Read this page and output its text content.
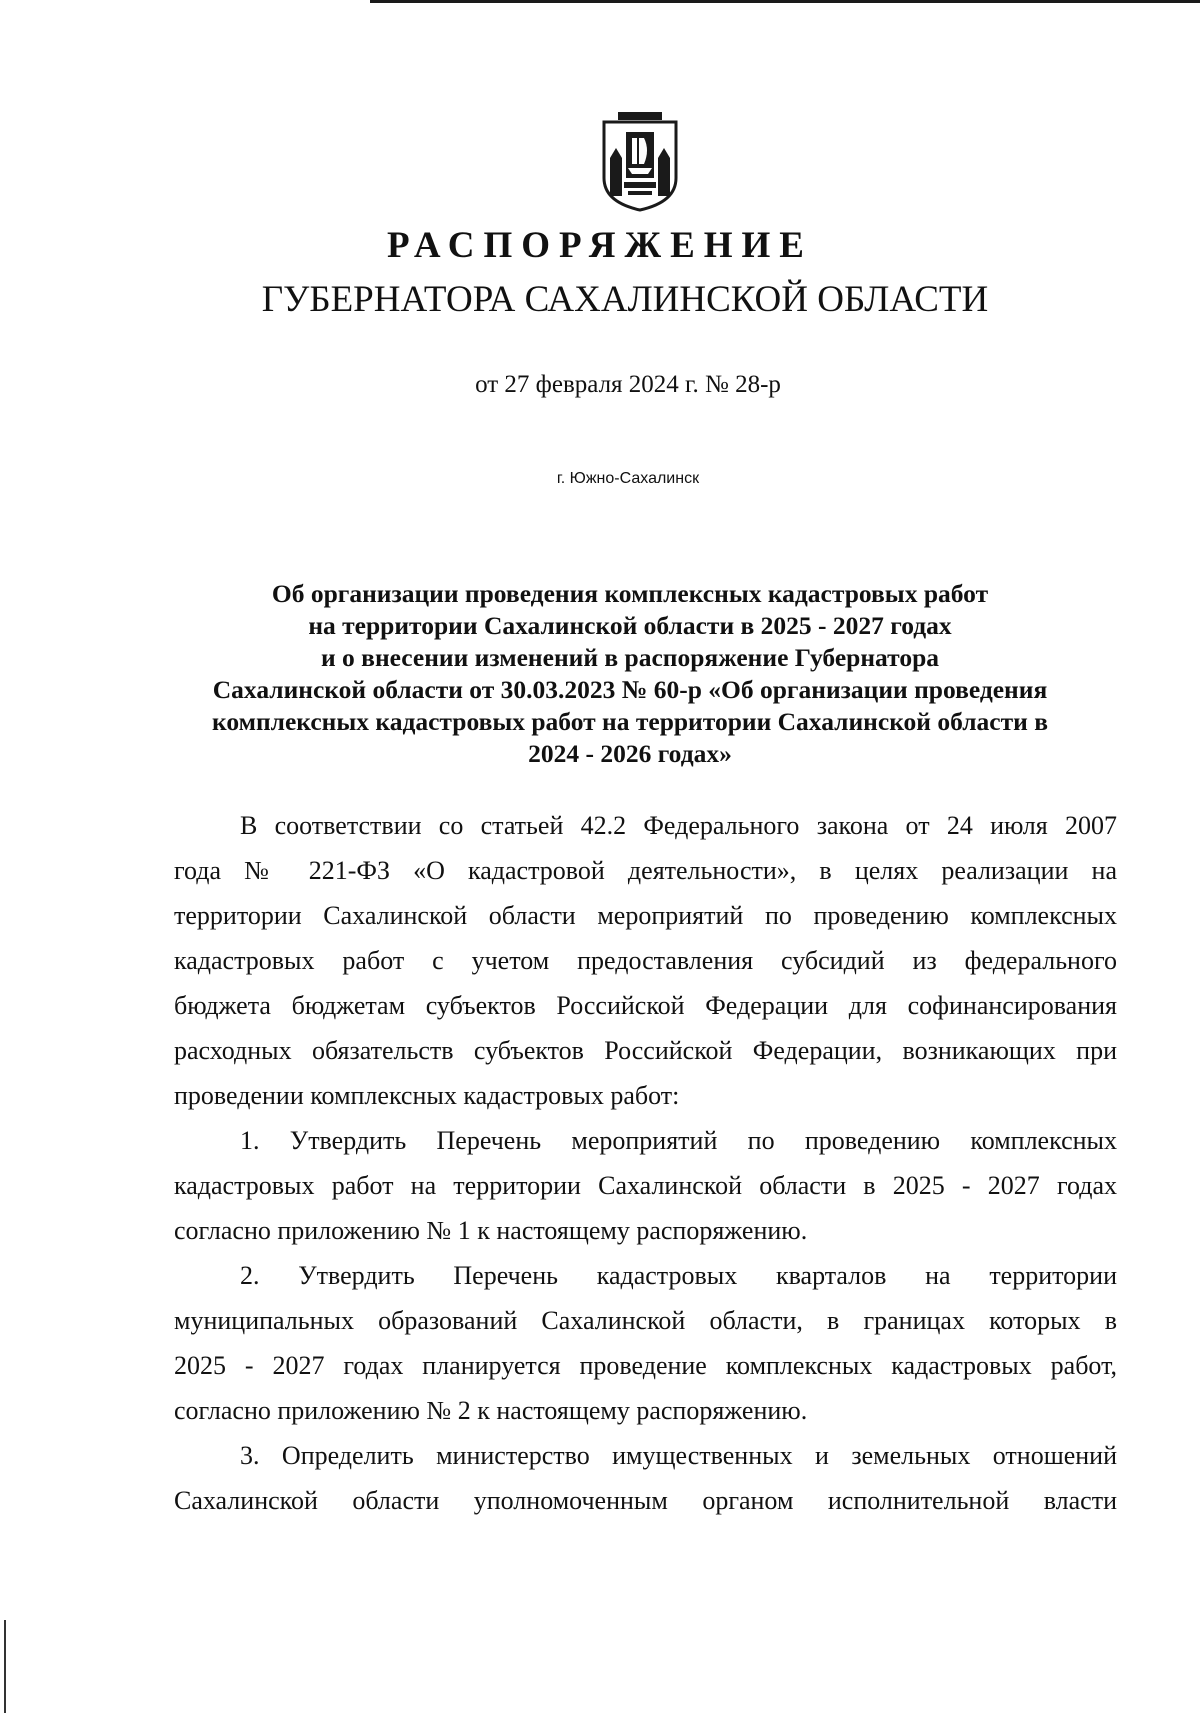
РАСПОРЯЖЕНИЕ
ГУБЕРНАТОРА САХАЛИНСКОЙ ОБЛАСТИ
от 27 февраля 2024 г. № 28-р
г. Южно-Сахалинск
Об организации проведения комплексных кадастровых работ
на территории Сахалинской области в 2025 - 2027 годах
и о внесении изменений в распоряжение Губернатора
Сахалинской области от 30.03.2023 № 60-р «Об организации проведения
комплексных кадастровых работ на территории Сахалинской области в
2024 - 2026 годах»

В соответствии со статьей 42.2 Федерального закона от 24 июля 2007
года № 221-ФЗ «О кадастровой деятельности», в целях реализации на
территории Сахалинской области мероприятий по проведению комплексных
кадастровых работ с учетом предоставления субсидий из федерального
бюджета бюджетам субъектов Российской Федерации для софинансирования
расходных обязательств субъектов Российской Федерации, возникающих при
проведении комплексных кадастровых работ:

1. Утвердить Перечень мероприятий по проведению комплексных
кадастровых работ на территории Сахалинской области в 2025 - 2027 годах
согласно приложению № 1 к настоящему распоряжению.

2. Утвердить Перечень кадастровых кварталов на территории
муниципальных образований Сахалинской области, в границах которых в
2025 - 2027 годах планируется проведение комплексных кадастровых работ,
согласно приложению № 2 к настоящему распоряжению.

3. Определить министерство имущественных и земельных отношений
Сахалинской области уполномоченным органом исполнительной власти
